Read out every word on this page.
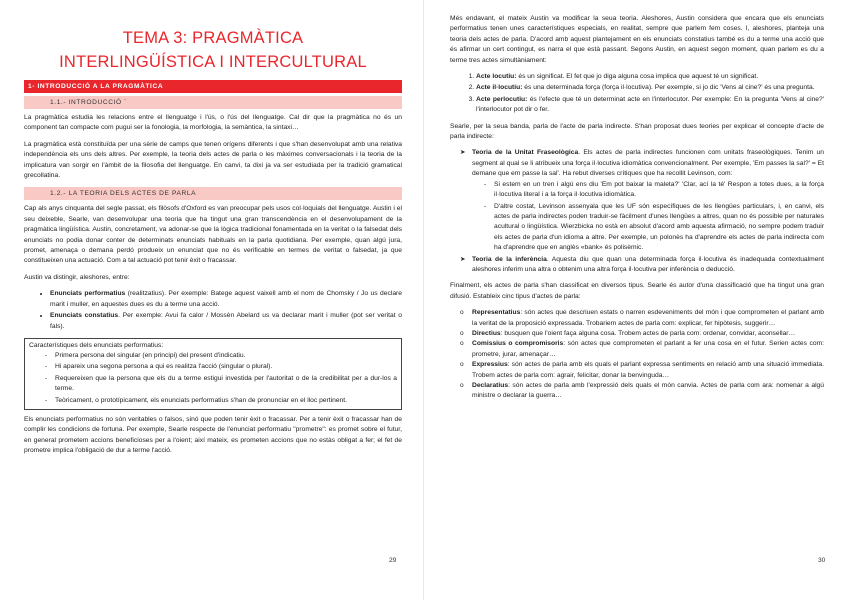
TEMA 3: PRAGMÀTICA
INTERLINGÜÍSTICA I INTERCULTURAL
1- INTRODUCCIÓ A LA PRAGMÀTICA
1.1.- INTRODUCCIÓ ´

La pragmàtica estudia les relacions entre el llenguatge i l'ús, o l'ús del llenguatge. Cal dir que la pragmàtica no és un component tan compacte com pugui ser la fonologia, la morfologia, la semàntica, la sintaxi…

La pragmàtica està constituïda per una sèrie de camps que tenen orígens diferents i que s'han desenvolupat amb una relativa independència els uns dels altres. Per exemple, la teoria dels actes de parla o les màximes conversacionals i la teoria de la implicatura van sorgir en l'àmbit de la filosofia del llenguatge. En canvi, ta dixi ja va ser estudiada per la tradició gramatical grecollatina.

1.2.- LA TEORIA DELS ACTES DE PARLA

Cap als anys cinquanta del segle passat, els filòsofs d'Oxford es van preocupar pels usos col·loquials del llenguatge. Austin i el seu deixeble, Searle, van desenvolupar una teoria que ha tingut una gran transcendència en el desenvolupament de la pragmàtica lingüística. Austin, concretament, va adonar-se que la lògica tradicional fonamentada en la veritat o la falsedat dels enunciats no podia donar conter de determinats enunciats habituals en la parla quotidiana. Per exemple, quan algú jura, promet, amenaça o demana perdó produeix un enunciat que no és verificable en termes de veritat o falsedat, ja que constitueixen una actuació. Com a tal actuació pot tenir èxit o fracassar.

Austin va distingir, aleshores, entre:

• Enunciats performatius (realitzatius). Per exemple: Batege aquest vaixell amb el nom de Chomsky / Jo us declare marit i muller, en aquestes dues es du a terme una acció.
• Enunciats constatius. Per exemple: Avui fa calor / Mossèn Abelard us va declarar marit i muller (pot ser veritat o fals).
Característiques dels enunciats performatius:
- Primera persona del singular (en principi) del present d'indicatiu.
- Hi apareix una segona persona a qui es realitza l'acció (singular o plural).
- Requereixen que la persona que els du a terme estigui investida per l'autoritat o de la credibilitat per a dur-los a terme.
- Teòricament, o prototípicament, els enunciats performatius s'han de pronunciar en el lloc pertinent.

Els enunciats performatius no són veritables o falsos, sinó que poden tenir èxit o fracassar. Per a tenir èxit o fracassar han de complir les condicions de fortuna. Per exemple, Searle respecte de l'enunciat performatiu "prometre": es promet sobre el futur, en general prometem accions beneficioses per a l'oient; així mateix, es prometen accions que no estàs obligat a fer; el fet de prometre implica l'obligació de dur a terme l'acció.

29

Més endavant, el mateix Austin va modificar la seua teoria. Aleshores, Austin considera que encara que els enunciats performatius tenen unes característiques especials, en realitat, sempre que parlem fem coses. I, aleshores, planteja una teoria dels actes de parla. D'acord amb aquest plantejament en els enunciats constatius també es du a terme una acció que és afirmar un cert contingut, es narra el que està passant. Segons Austin, en aquest segon moment, quan parlem es du a terme tres actes simultàniament:

1. Acte locutiu: és un significat. El fet que jo diga alguna cosa implica que aquest té un significat.
2. Acte il·locutiu: és una determinada força (força il·locutiva). Per exemple, si jo dic 'Vens al cine?' és una pregunta.
3. Acte perlocutiu: és l'efecte que té un determinat acte en l'interlocutor. Per exemple: En la pregunta 'Vens al cine?' l'interlocutor pot dir o fer.

Searle, per la seua banda, parla de l'acte de parla indirecte. S'han proposat dues teories per explicar el concepte d'acte de parla indirecte:

➤ Teoria de la Unitat Fraseològica. Els actes de parla indirectes funcionen com unitats fraseològiques. Tenim un segment al qual se li atribueix una força il·locutiva idiomàtica convencionalment. Per exemple, 'Em passes la sal?' = Et demane que em passe la sal'. Ha rebut diverses crítiques que ha recollit Levinson, com:
- Si estem en un tren i algú ens diu 'Em pot baixar la maleta?' 'Clar, ací la té' Respon a totes dues, a la força il·locutiva literal i a la força il·locutiva idiomàtica.
- D'altre costat, Levinson assenyala que les UF són específiques de les llengües particulars, i, en canvi, els actes de parla indirectes poden traduir-se fàcilment d'unes llengües a altres, quan no és possible per naturales acultural o lingüística. Wierzbicka no està en absolut d'acord amb aquesta afirmació, no sempre podem traduir els actes de parla d'un idioma a altre. Per exemple, un polonès ha d'aprendre els actes de parla indirecta com ha d'aprendre que en anglès «bank» és polisèmic.
➤ Teoria de la inferència. Aquesta diu que quan una determinada força il·locutiva és inadequada contextualment aleshores inferim una altra o obtenim una altra força il·locutiva per inferència o deducció.

Finalment, els actes de parla s'han classificat en diversos tipus. Searle és autor d'una classificació que ha tingut una gran difusió. Estableix cinc tipus d'actes de parla:

o Representatius: són actes que descriuen estats o narren esdeveniments del món i que comprometen el parlant amb la veritat de la proposició expressada. Trobariem actes de parla com: explicar, fer hipòtesis, suggerir…
o Directius: busquen que l'oient faça alguna cosa. Trobem actes de parla com: ordenar, convidar, aconsellar…
o Comissius o compromisoris: són actes que comprometen el parlant a fer una cosa en el futur. Serien actes com: prometre, jurar, amenaçar…
o Expressius: són actes de parla amb els quals el parlant expressa sentiments en relació amb una situació immediata. Trobem actes de parla com: agrair, felicitar, donar la benvinguda…
o Declaratius: són actes de parla amb l'expressió dels quals el món canvia. Actes de parla com ara: nomenar a algú ministre o declarar la guerra…
30
